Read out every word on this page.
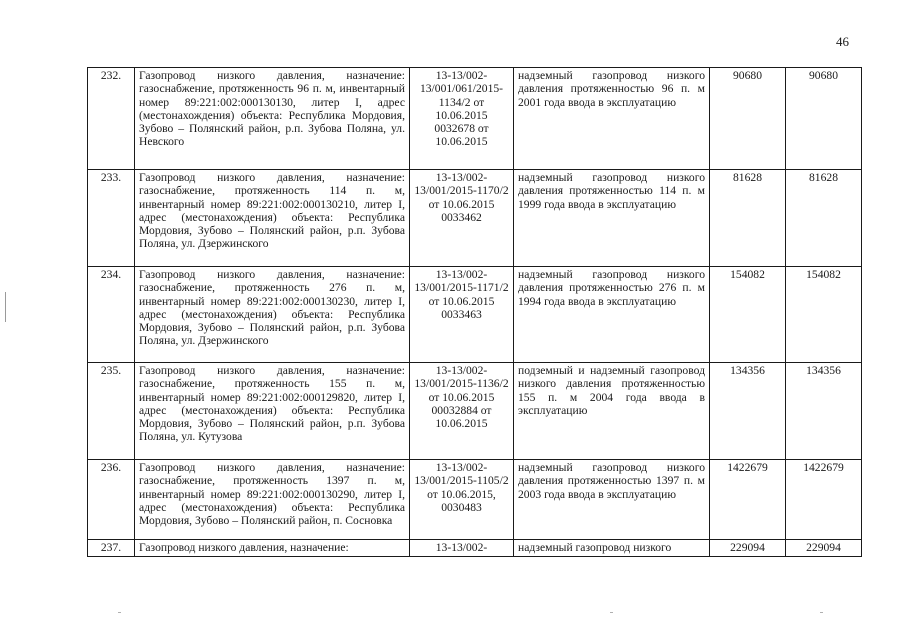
46
232.	Газопровод низкого давления, назначение: газоснабжение, протяженность 96 п. м, инвентарный номер 89:221:002:000130130, литер I, адрес (местонахождения) объекта: Республика Мордовия, Зубово – Полянский район, р.п. Зубова Поляна, ул. Невского	13-13/002-13/001/061/2015-1134/2 от 10.06.2015 0032678 от 10.06.2015	надземный газопровод низкого давления протяженностью 96 п. м 2001 года ввода в эксплуатацию	90680	90680
233.	Газопровод низкого давления, назначение: газоснабжение, протяженность 114 п. м, инвентарный номер 89:221:002:000130210, литер I, адрес (местонахождения) объекта: Республика Мордовия, Зубово – Полянский район, р.п. Зубова Поляна, ул. Дзержинского	13-13/002-13/001/2015-1170/2 от 10.06.2015 0033462	надземный газопровод низкого давления протяженностью 114 п. м 1999 года ввода в эксплуатацию	81628	81628
234.	Газопровод низкого давления, назначение: газоснабжение, протяженность 276 п. м, инвентарный номер 89:221:002:000130230, литер I, адрес (местонахождения) объекта: Республика Мордовия, Зубово – Полянский район, р.п. Зубова Поляна, ул. Дзержинского	13-13/002-13/001/2015-1171/2 от 10.06.2015 0033463	надземный газопровод низкого давления протяженностью 276 п. м 1994 года ввода в эксплуатацию	154082	154082
235.	Газопровод низкого давления, назначение: газоснабжение, протяженность 155 п. м, инвентарный номер 89:221:002:000129820, литер I, адрес (местонахождения) объекта: Республика Мордовия, Зубово – Полянский район, р.п. Зубова Поляна, ул. Кутузова	13-13/002-13/001/2015-1136/2 от 10.06.2015 00032884 от 10.06.2015	подземный и надземный газопровод низкого давления протяженностью 155 п. м 2004 года ввода в эксплуатацию	134356	134356
236.	Газопровод низкого давления, назначение: газоснабжение, протяженность 1397 п. м, инвентарный номер 89:221:002:000130290, литер I, адрес (местонахождения) объекта: Республика Мордовия, Зубово – Полянский район, п. Сосновка	13-13/002-13/001/2015-1105/2 от 10.06.2015, 0030483	надземный газопровод низкого давления протяженностью 1397 п. м 2003 года ввода в эксплуатацию	1422679	1422679
237.	Газопровод низкого давления, назначение:	13-13/002-	надземный газопровод низкого	229094	229094
